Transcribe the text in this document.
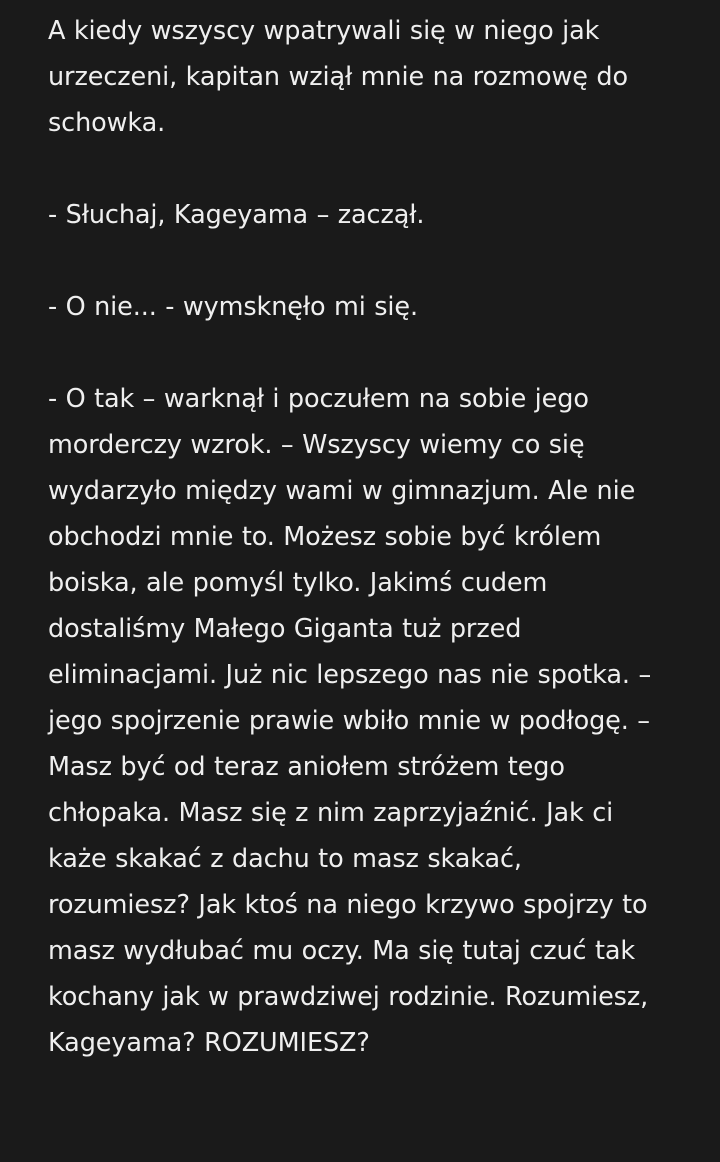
A kiedy wszyscy wpatrywali się w niego jak urzeczeni, kapitan wziął mnie na rozmowę do schowka.

- Słuchaj, Kageyama – zaczął.

- O nie... - wymsknęło mi się.

- O tak – warknął i poczułem na sobie jego morderczy wzrok. – Wszyscy wiemy co się wydarzyło między wami w gimnazjum. Ale nie obchodzi mnie to. Możesz sobie być królem boiska, ale pomyśl tylko. Jakimś cudem dostaliśmy Małego Giganta tuż przed eliminacjami. Już nic lepszego nas nie spotka. – jego spojrzenie prawie wbiło mnie w podłogę. – Masz być od teraz aniołem stróżem tego chłopaka. Masz się z nim zaprzyjaźnić. Jak ci każe skakać z dachu to masz skakać, rozumiesz? Jak ktoś na niego krzywo spojrzy to masz wydłubać mu oczy. Ma się tutaj czuć tak kochany jak w prawdziwej rodzinie. Rozumiesz, Kageyama? ROZUMIESZ?
